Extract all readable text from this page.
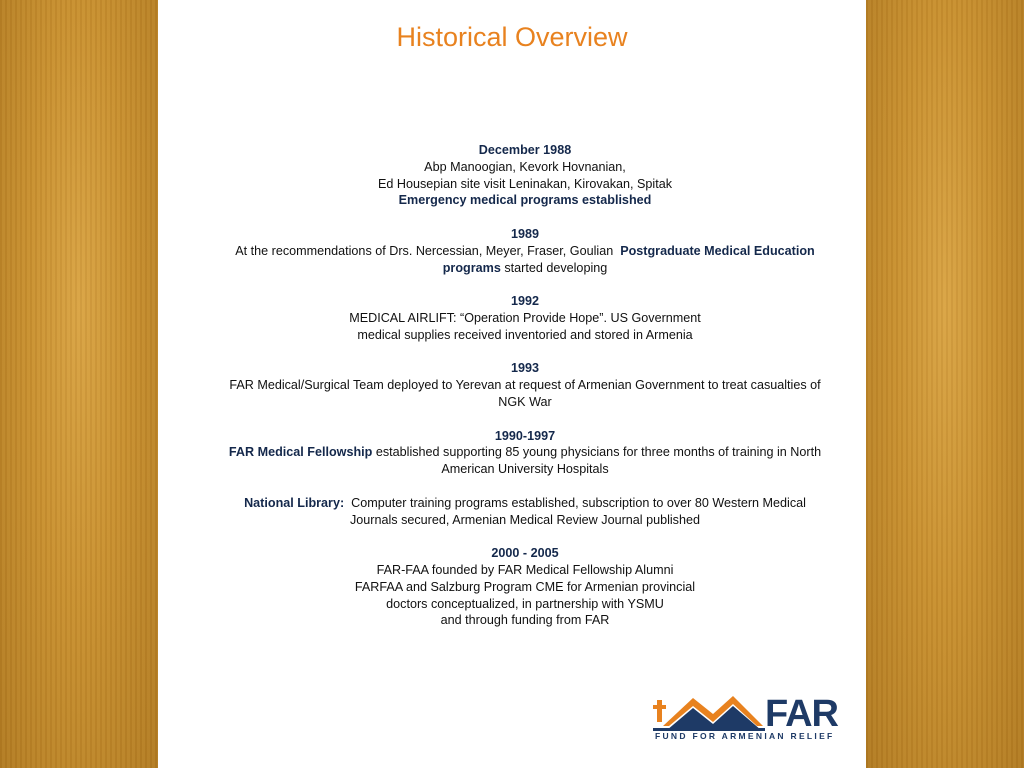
Historical Overview

December 1988
Abp Manoogian, Kevork Hovnanian,
Ed Housepian site visit Leninakan, Kirovakan, Spitak
Emergency medical programs established

1989
At the recommendations of Drs. Nercessian, Meyer, Fraser, Goulian Postgraduate Medical Education programs started developing

1992
MEDICAL AIRLIFT: “Operation Provide Hope”. US Government
medical supplies received inventoried and stored in Armenia

1993
FAR Medical/Surgical Team deployed to Yerevan at request of Armenian Government to treat casualties of NGK War

1990-1997
FAR Medical Fellowship established supporting 85 young physicians for three months of training in North American University Hospitals

National Library: Computer training programs established, subscription to over 80 Western Medical Journals secured, Armenian Medical Review Journal published

2000 - 2005
FAR-FAA founded by FAR Medical Fellowship Alumni
FARFAA and Salzburg Program CME for Armenian provincial
doctors conceptualized, in partnership with YSMU
and through funding from FAR

FAR
FUND FOR ARMENIAN RELIEF
